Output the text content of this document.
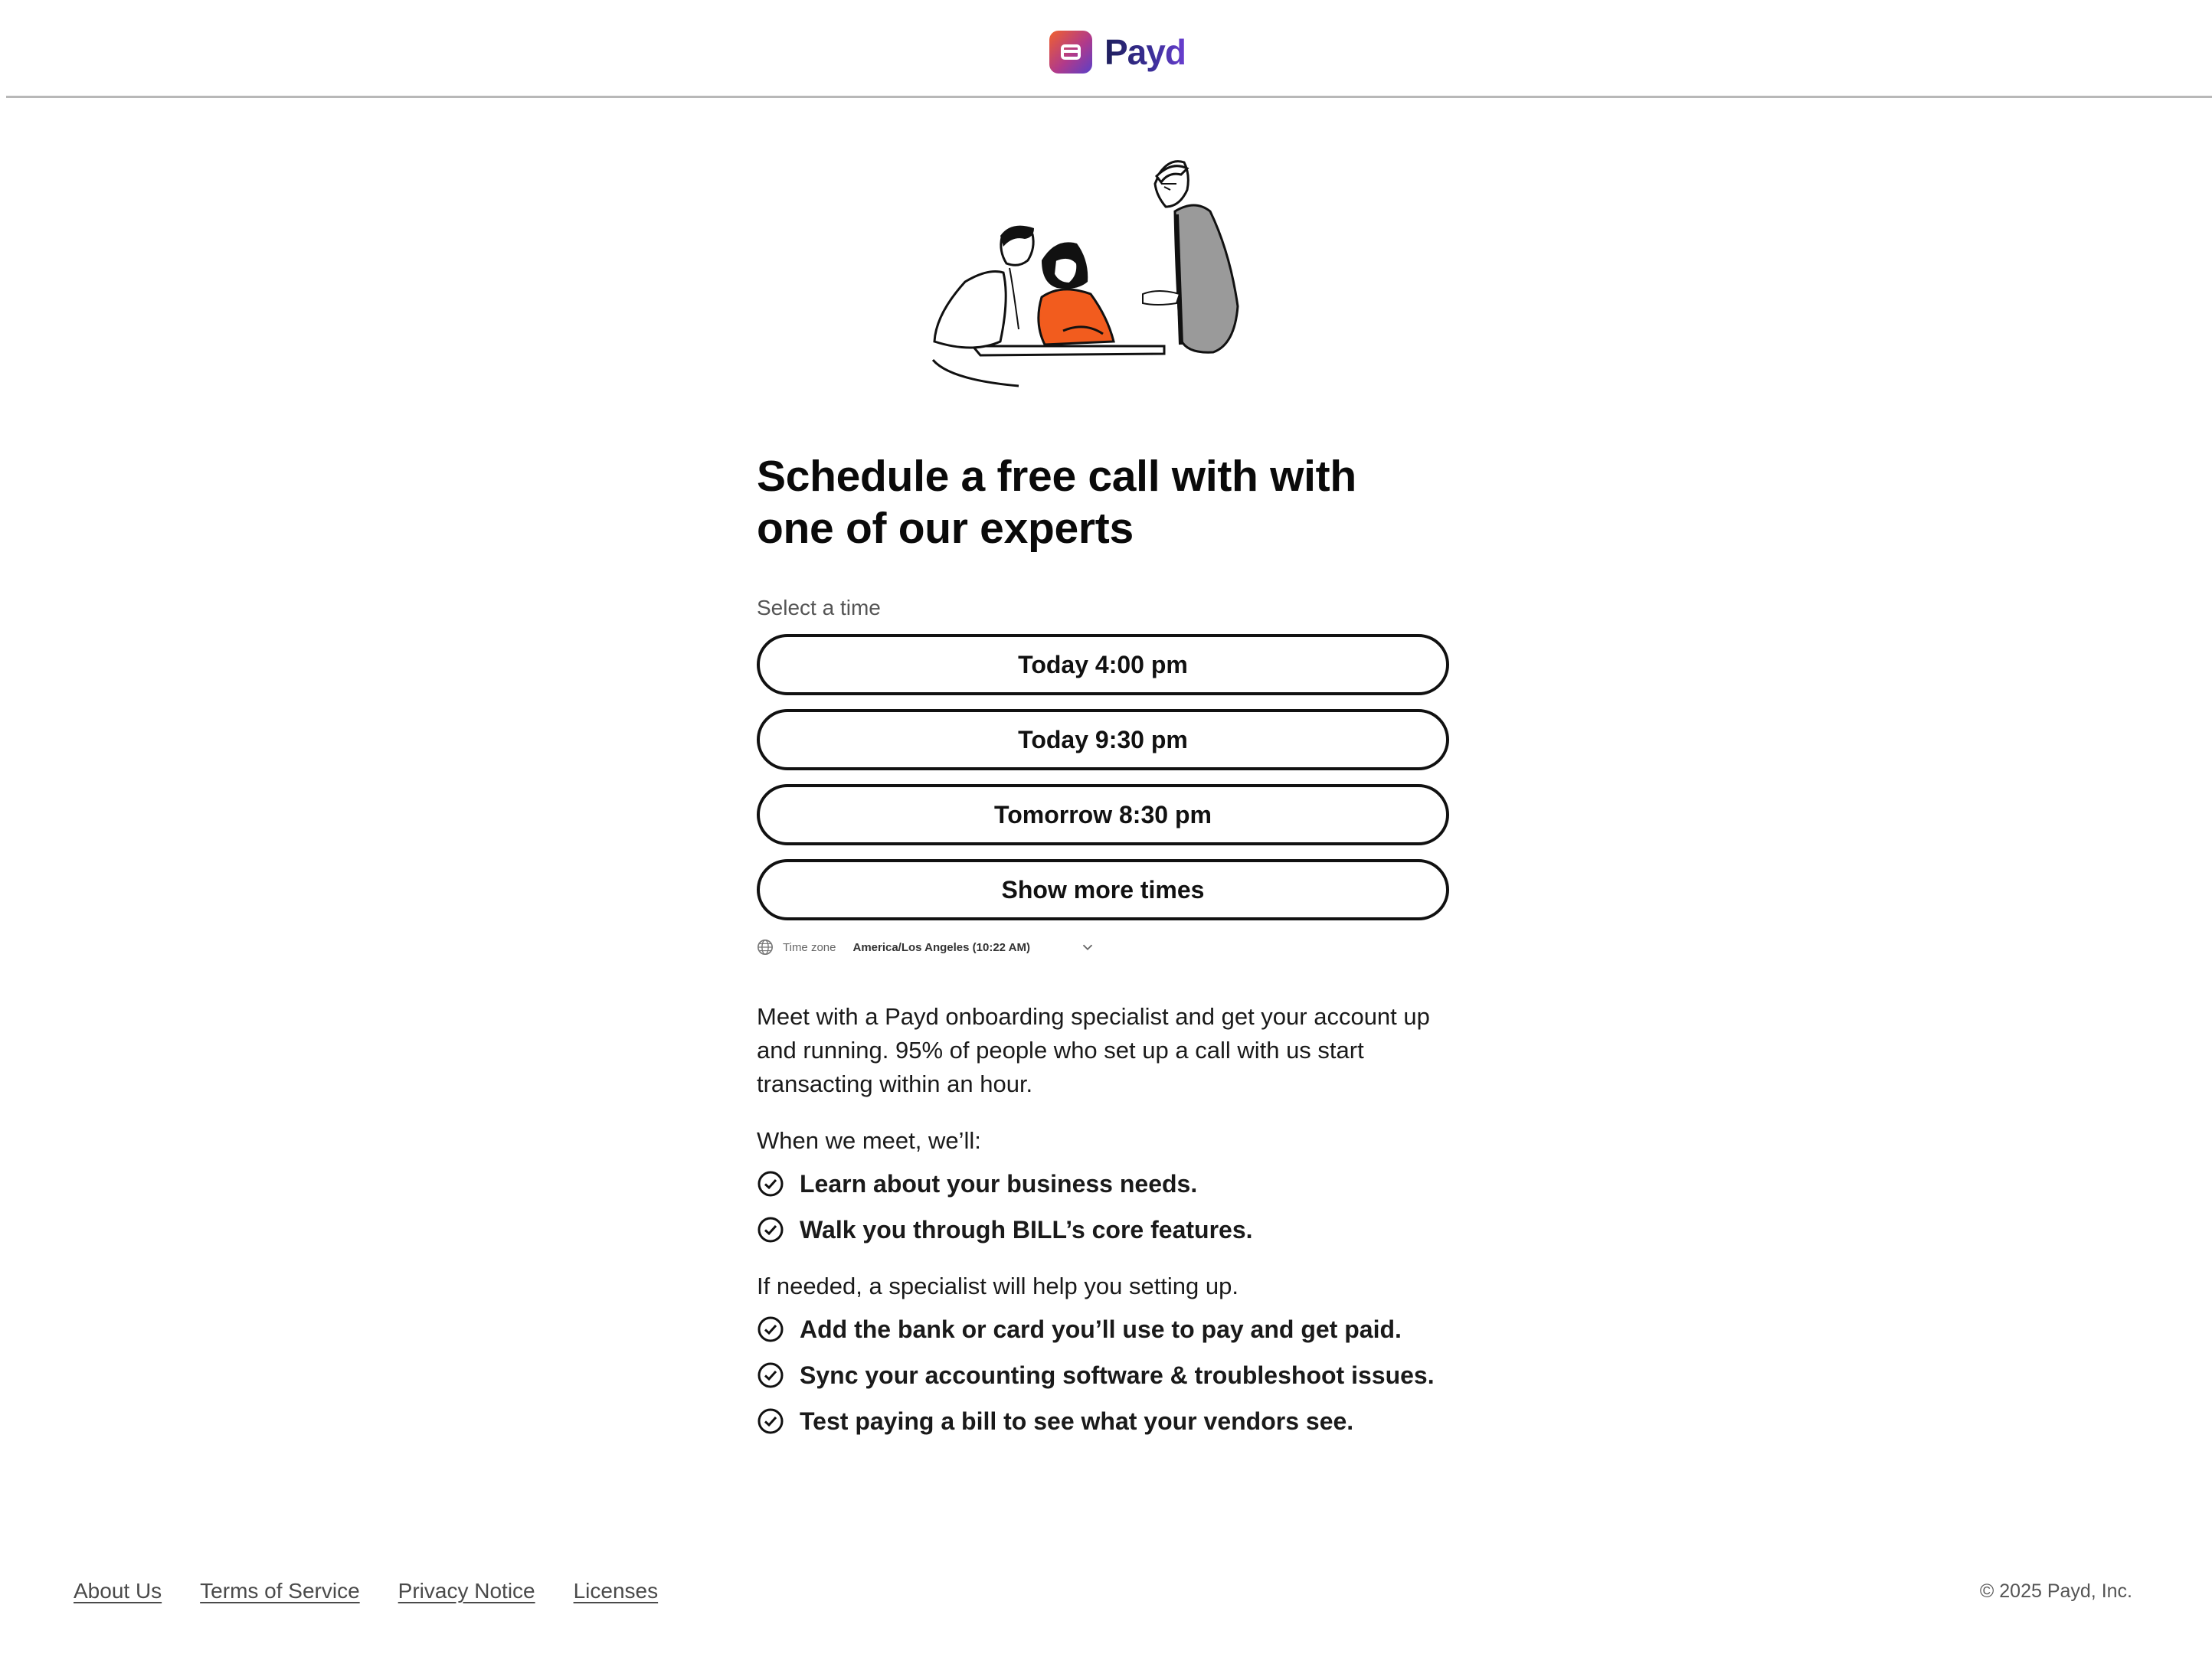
Payd
Schedule a free call with with one of our experts
Select a time
Today 4:00 pm
Today 9:30 pm
Tomorrow 8:30 pm
Show more times
Time zone America/Los Angeles (10:22 AM)

Meet with a Payd onboarding specialist and get your account up and running. 95% of people who set up a call with us start transacting within an hour.

When we meet, we’ll:
Learn about your business needs.
Walk you through BILL’s core features.
If needed, a specialist will help you setting up.
Add the bank or card you’ll use to pay and get paid.
Sync your accounting software & troubleshoot issues.
Test paying a bill to see what your vendors see.
About Us Terms of Service Privacy Notice Licenses	© 2025 Payd, Inc.
